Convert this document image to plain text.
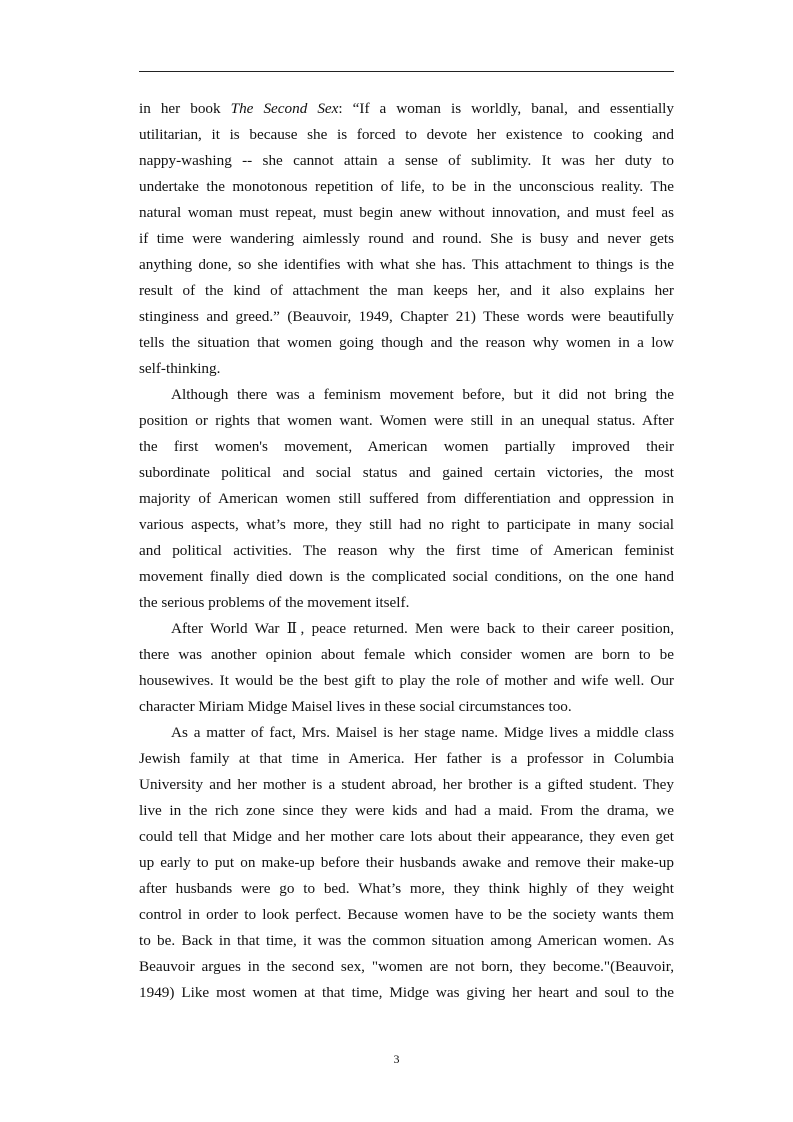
in her book The Second Sex: “If a woman is worldly, banal, and essentially
utilitarian, it is because she is forced to devote her existence to cooking and
nappy-washing -- she cannot attain a sense of sublimity. It was her duty to
undertake the monotonous repetition of life, to be in the unconscious reality. The
natural woman must repeat, must begin anew without innovation, and must feel as
if time were wandering aimlessly round and round. She is busy and never gets
anything done, so she identifies with what she has. This attachment to things is the
result of the kind of attachment the man keeps her, and it also explains her
stinginess and greed.” (Beauvoir, 1949, Chapter 21) These words were beautifully
tells the situation that women going though and the reason why women in a low
self-thinking.
Although there was a feminism movement before, but it did not bring the
position or rights that women want. Women were still in an unequal status. After
the first women's movement, American women partially improved their
subordinate political and social status and gained certain victories, the most
majority of American women still suffered from differentiation and oppression in
various aspects, what’s more, they still had no right to participate in many social
and political activities. The reason why the first time of American feminist
movement finally died down is the complicated social conditions, on the one hand
the serious problems of the movement itself.
After World War Ⅱ, peace returned. Men were back to their career position,
there was another opinion about female which consider women are born to be
housewives. It would be the best gift to play the role of mother and wife well. Our
character Miriam Midge Maisel lives in these social circumstances too.
As a matter of fact, Mrs. Maisel is her stage name. Midge lives a middle class
Jewish family at that time in America. Her father is a professor in Columbia
University and her mother is a student abroad, her brother is a gifted student. They
live in the rich zone since they were kids and had a maid. From the drama, we
could tell that Midge and her mother care lots about their appearance, they even get
up early to put on make-up before their husbands awake and remove their make-up
after husbands were go to bed. What’s more, they think highly of they weight
control in order to look perfect. Because women have to be the society wants them
to be. Back in that time, it was the common situation among American women. As
Beauvoir argues in the second sex, "women are not born, they become."(Beauvoir,
1949) Like most women at that time, Midge was giving her heart and soul to the
3
